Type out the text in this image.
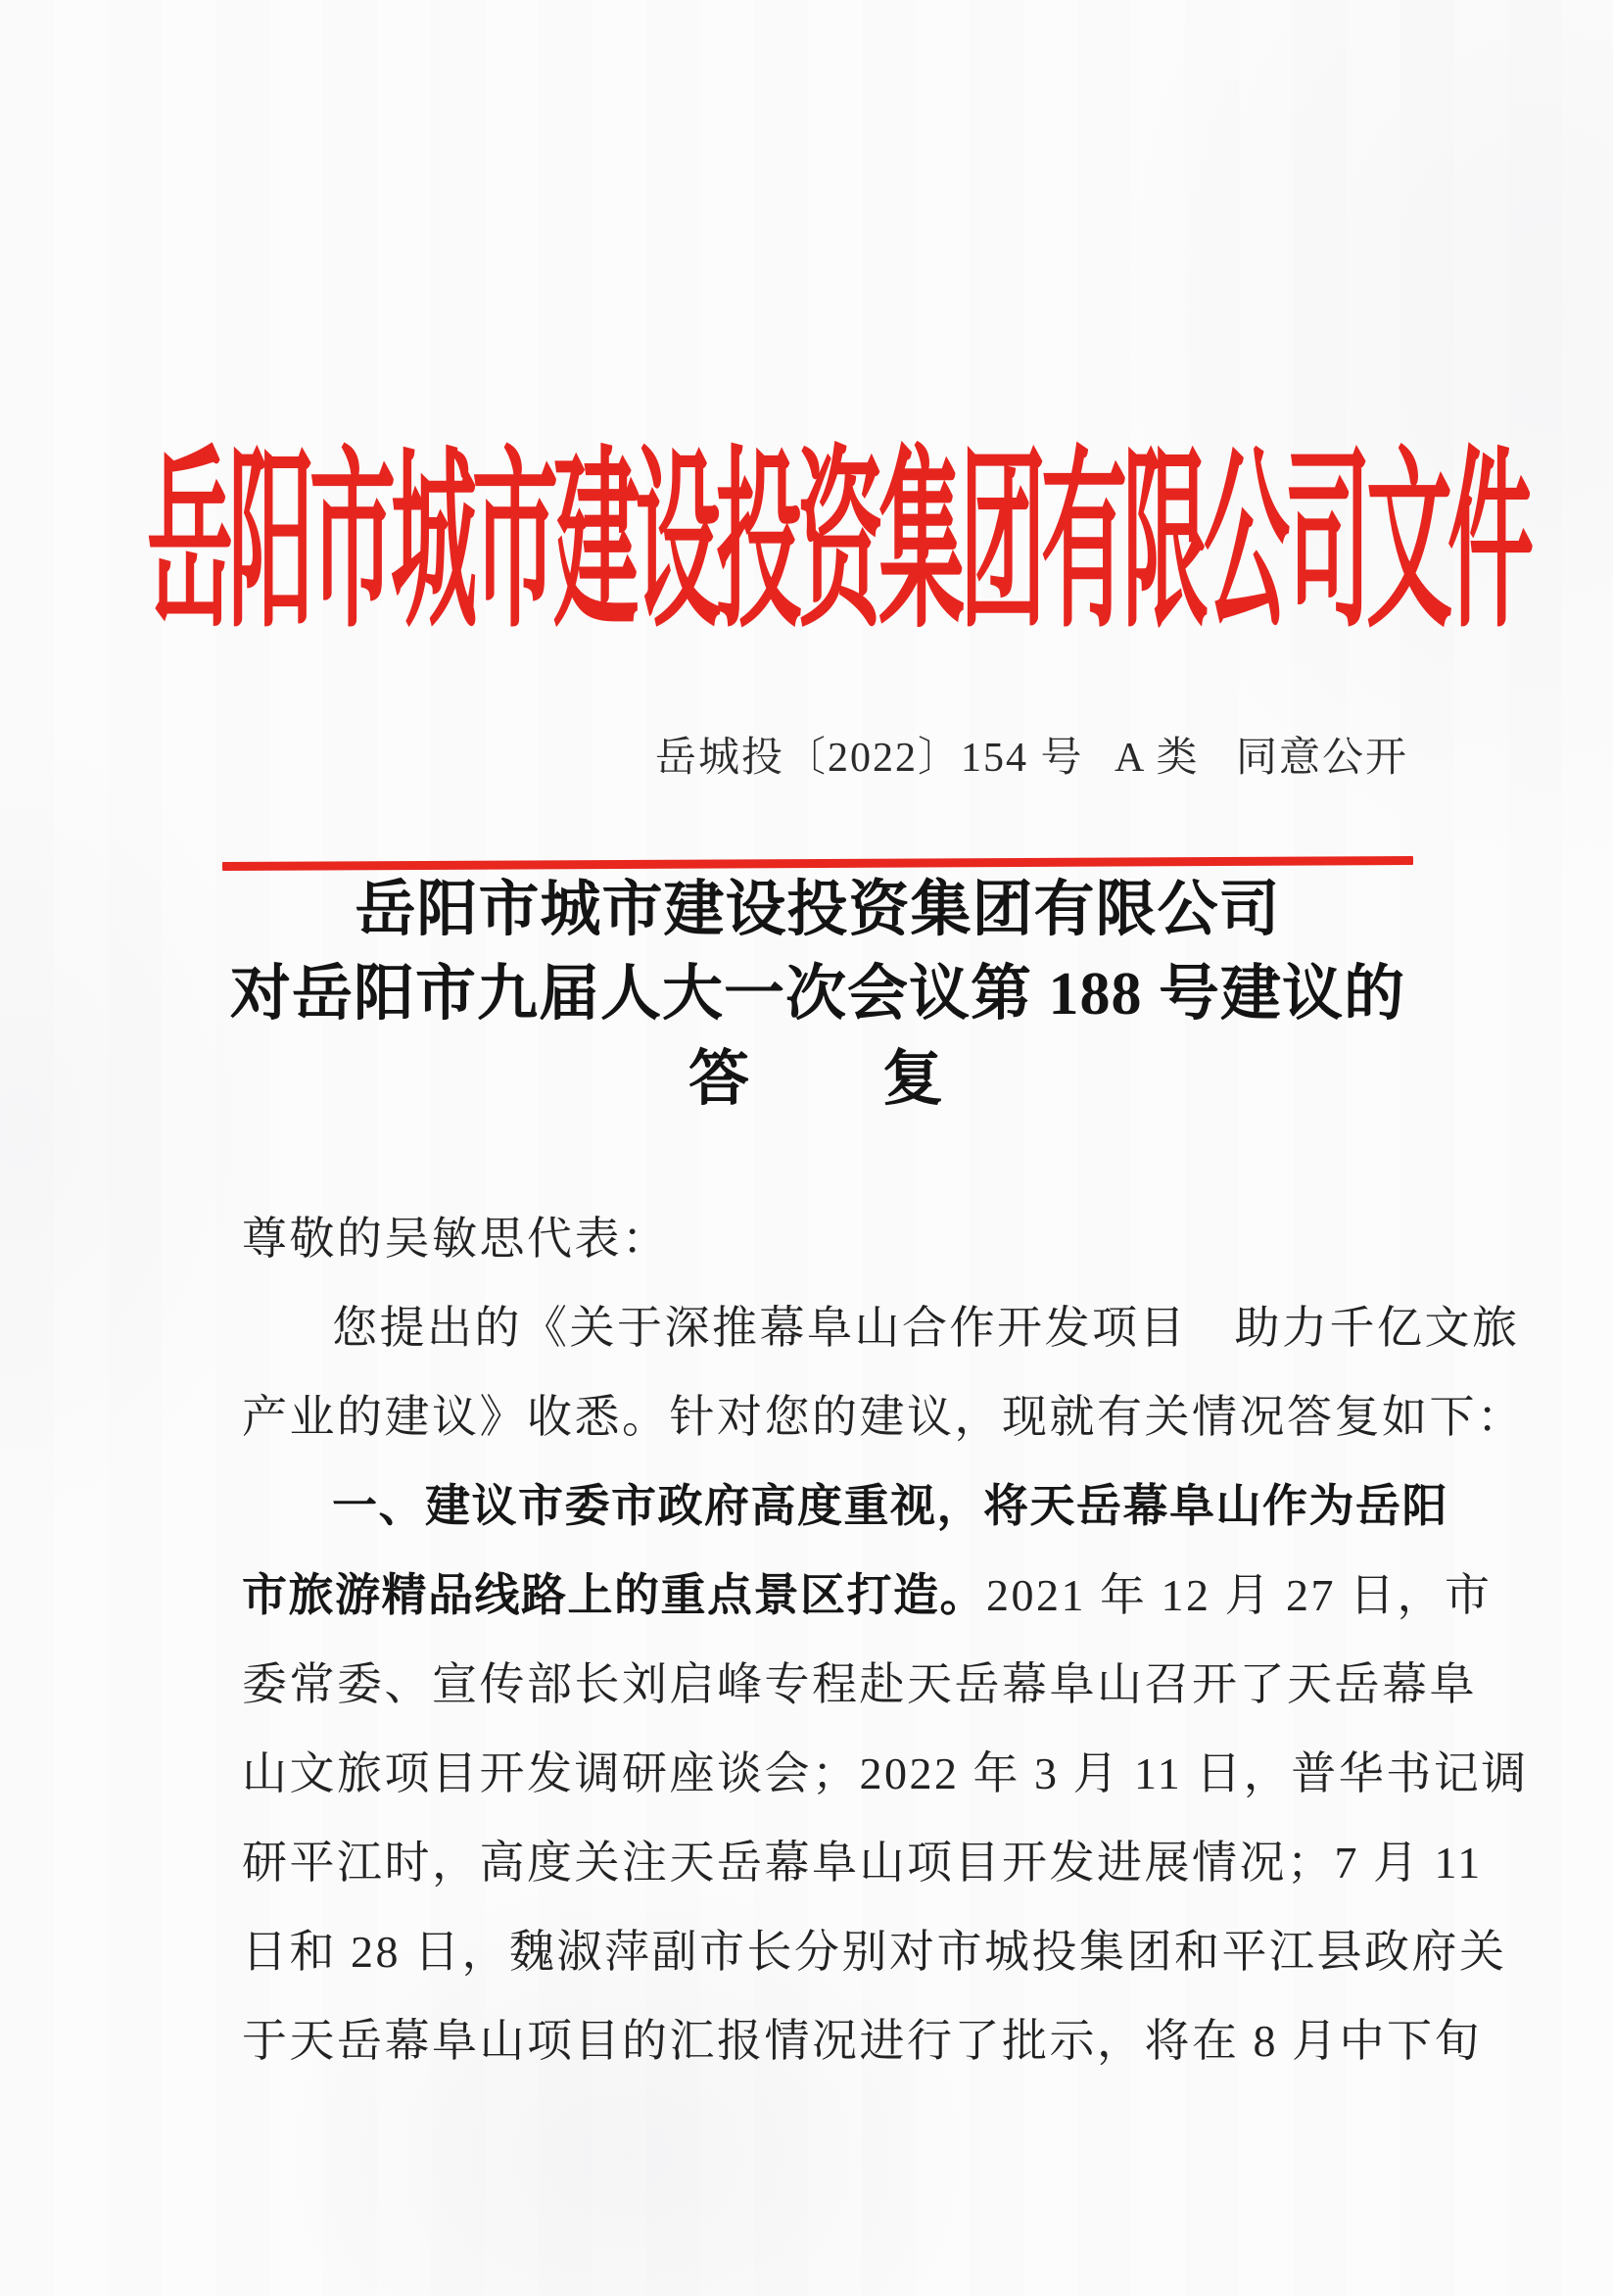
岳阳市城市建设投资集团有限公司文件
岳城投〔2022〕154 号 A 类 同意公开
岳阳市城市建设投资集团有限公司
对岳阳市九届人大一次会议第 188 号建议的
答　　复
尊敬的吴敏思代表：
您提出的《关于深推幕阜山合作开发项目　助力千亿文旅
产业的建议》收悉。针对您的建议，现就有关情况答复如下：
一、建议市委市政府高度重视，将天岳幕阜山作为岳阳
市旅游精品线路上的重点景区打造。2021 年 12 月 27 日，市
委常委、宣传部长刘启峰专程赴天岳幕阜山召开了天岳幕阜
山文旅项目开发调研座谈会；2022 年 3 月 11 日，普华书记调
研平江时，高度关注天岳幕阜山项目开发进展情况；7 月 11
日和 28 日，魏淑萍副市长分别对市城投集团和平江县政府关
于天岳幕阜山项目的汇报情况进行了批示，将在 8 月中下旬
